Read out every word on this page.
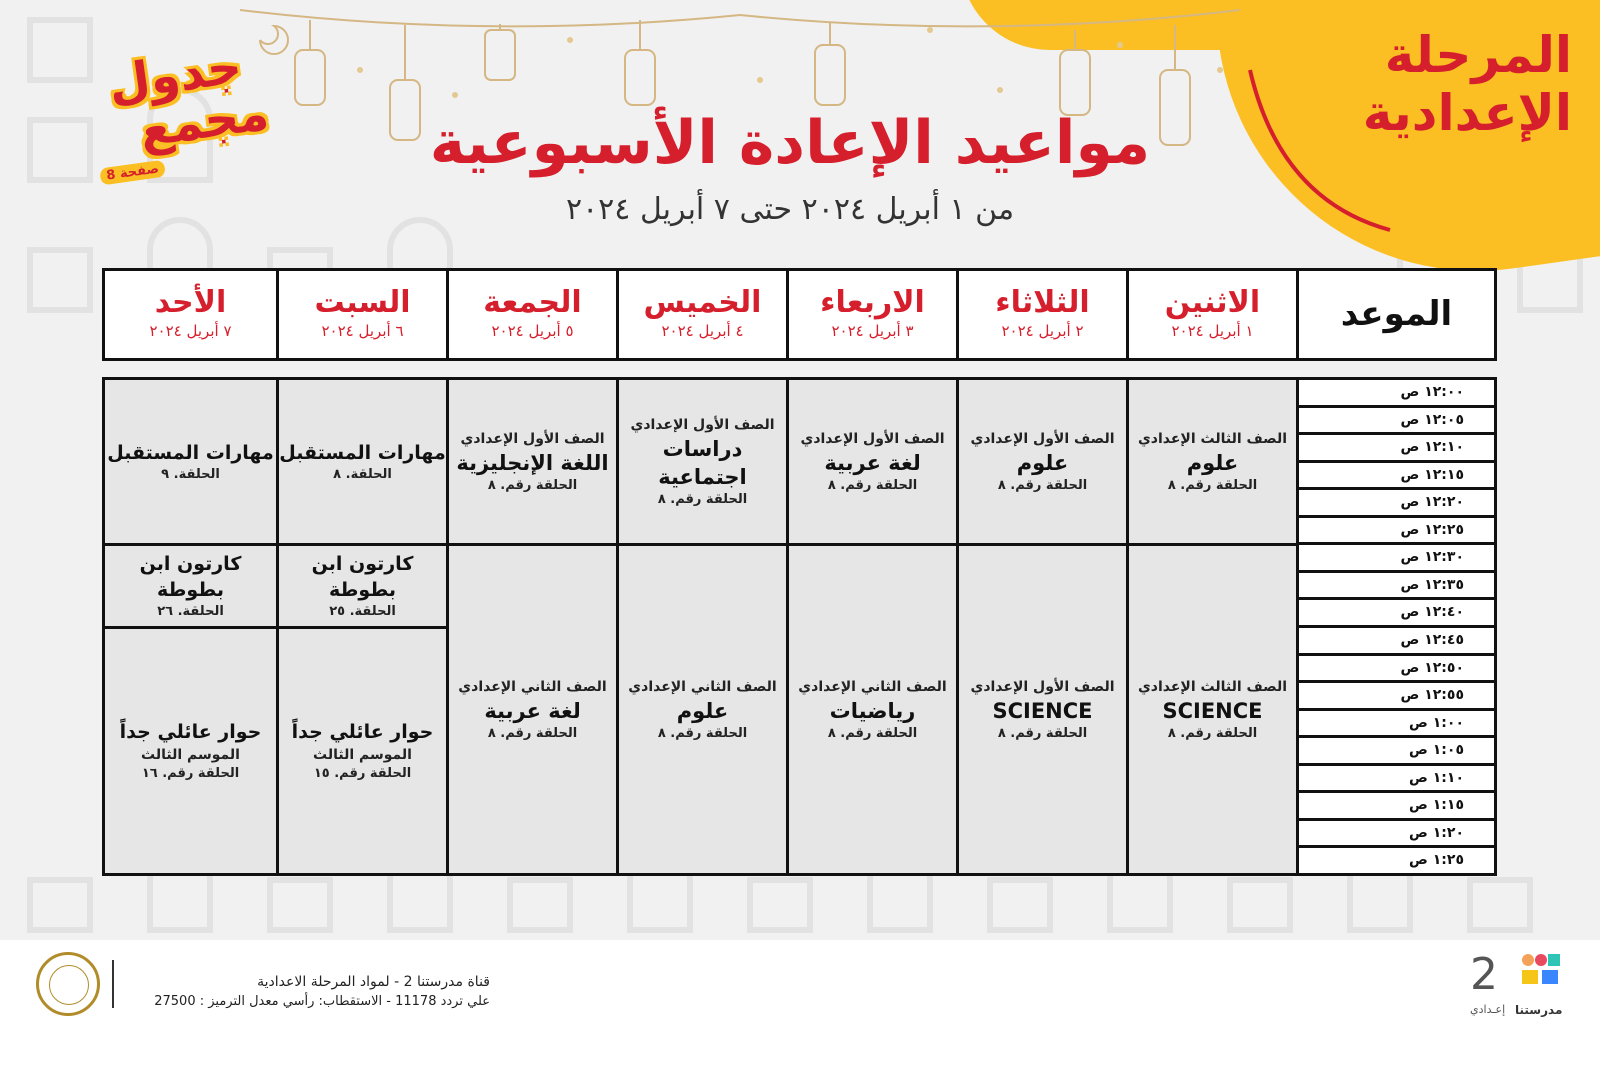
المرحلة
الإعدادية
جدول
مجمع
صفحة 8	مواعيد الإعادة الأسبوعية
من ١ أبريل ٢٠٢٤ حتى ٧ أبريل ٢٠٢٤
الموعد
الاثنين
١ أبريل ٢٠٢٤
الثلاثاء
٢ أبريل ٢٠٢٤
الاربعاء
٣ أبريل ٢٠٢٤
الخميس
٤ أبريل ٢٠٢٤
الجمعة
٥ أبريل ٢٠٢٤
السبت
٦ أبريل ٢٠٢٤
الأحد
٧ أبريل ٢٠٢٤
١٢:٠٠ ص
١٢:٠٥ ص
١٢:١٠ ص
١٢:١٥ ص
١٢:٢٠ ص
١٢:٢٥ ص
١٢:٣٠ ص
١٢:٣٥ ص
١٢:٤٠ ص
١٢:٤٥ ص
١٢:٥٠ ص
١٢:٥٥ ص
١:٠٠ ص
١:٠٥ ص
١:١٠ ص
١:١٥ ص
١:٢٠ ص
١:٢٥ ص
الصف الثالث الإعدادي
علوم
الحلقة رقم. ٨
الصف الأول الإعدادي
علوم
الحلقة رقم. ٨
الصف الأول الإعدادي
لغة عربية
الحلقة رقم. ٨
الصف الأول الإعدادي
دراسات اجتماعية
الحلقة رقم. ٨
الصف الأول الإعدادي
اللغة الإنجليزية
الحلقة رقم. ٨
مهارات المستقبل
الحلقة. ٨
مهارات المستقبل
الحلقة. ٩
الصف الثالث الإعدادي
SCIENCE
الحلقة رقم. ٨
الصف الأول الإعدادي
SCIENCE
الحلقة رقم. ٨
الصف الثاني الإعدادي
رياضيات
الحلقة رقم. ٨
الصف الثاني الإعدادي
علوم
الحلقة رقم. ٨
الصف الثاني الإعدادي
لغة عربية
الحلقة رقم. ٨
كارتون ابن بطوطة
الحلقة. ٢٥
كارتون ابن بطوطة
الحلقة. ٢٦
حوار عائلي جداً
الموسم الثالث
الحلقة رقم. ١٥
حوار عائلي جداً
الموسم الثالث
الحلقة رقم. ١٦
قناة مدرستنا 2 - لمواد المرحلة الاعدادية
علي تردد 11178 - الاستقطاب: رأسي معدل الترميز : 27500
2
إعـدادي مدرستنا
